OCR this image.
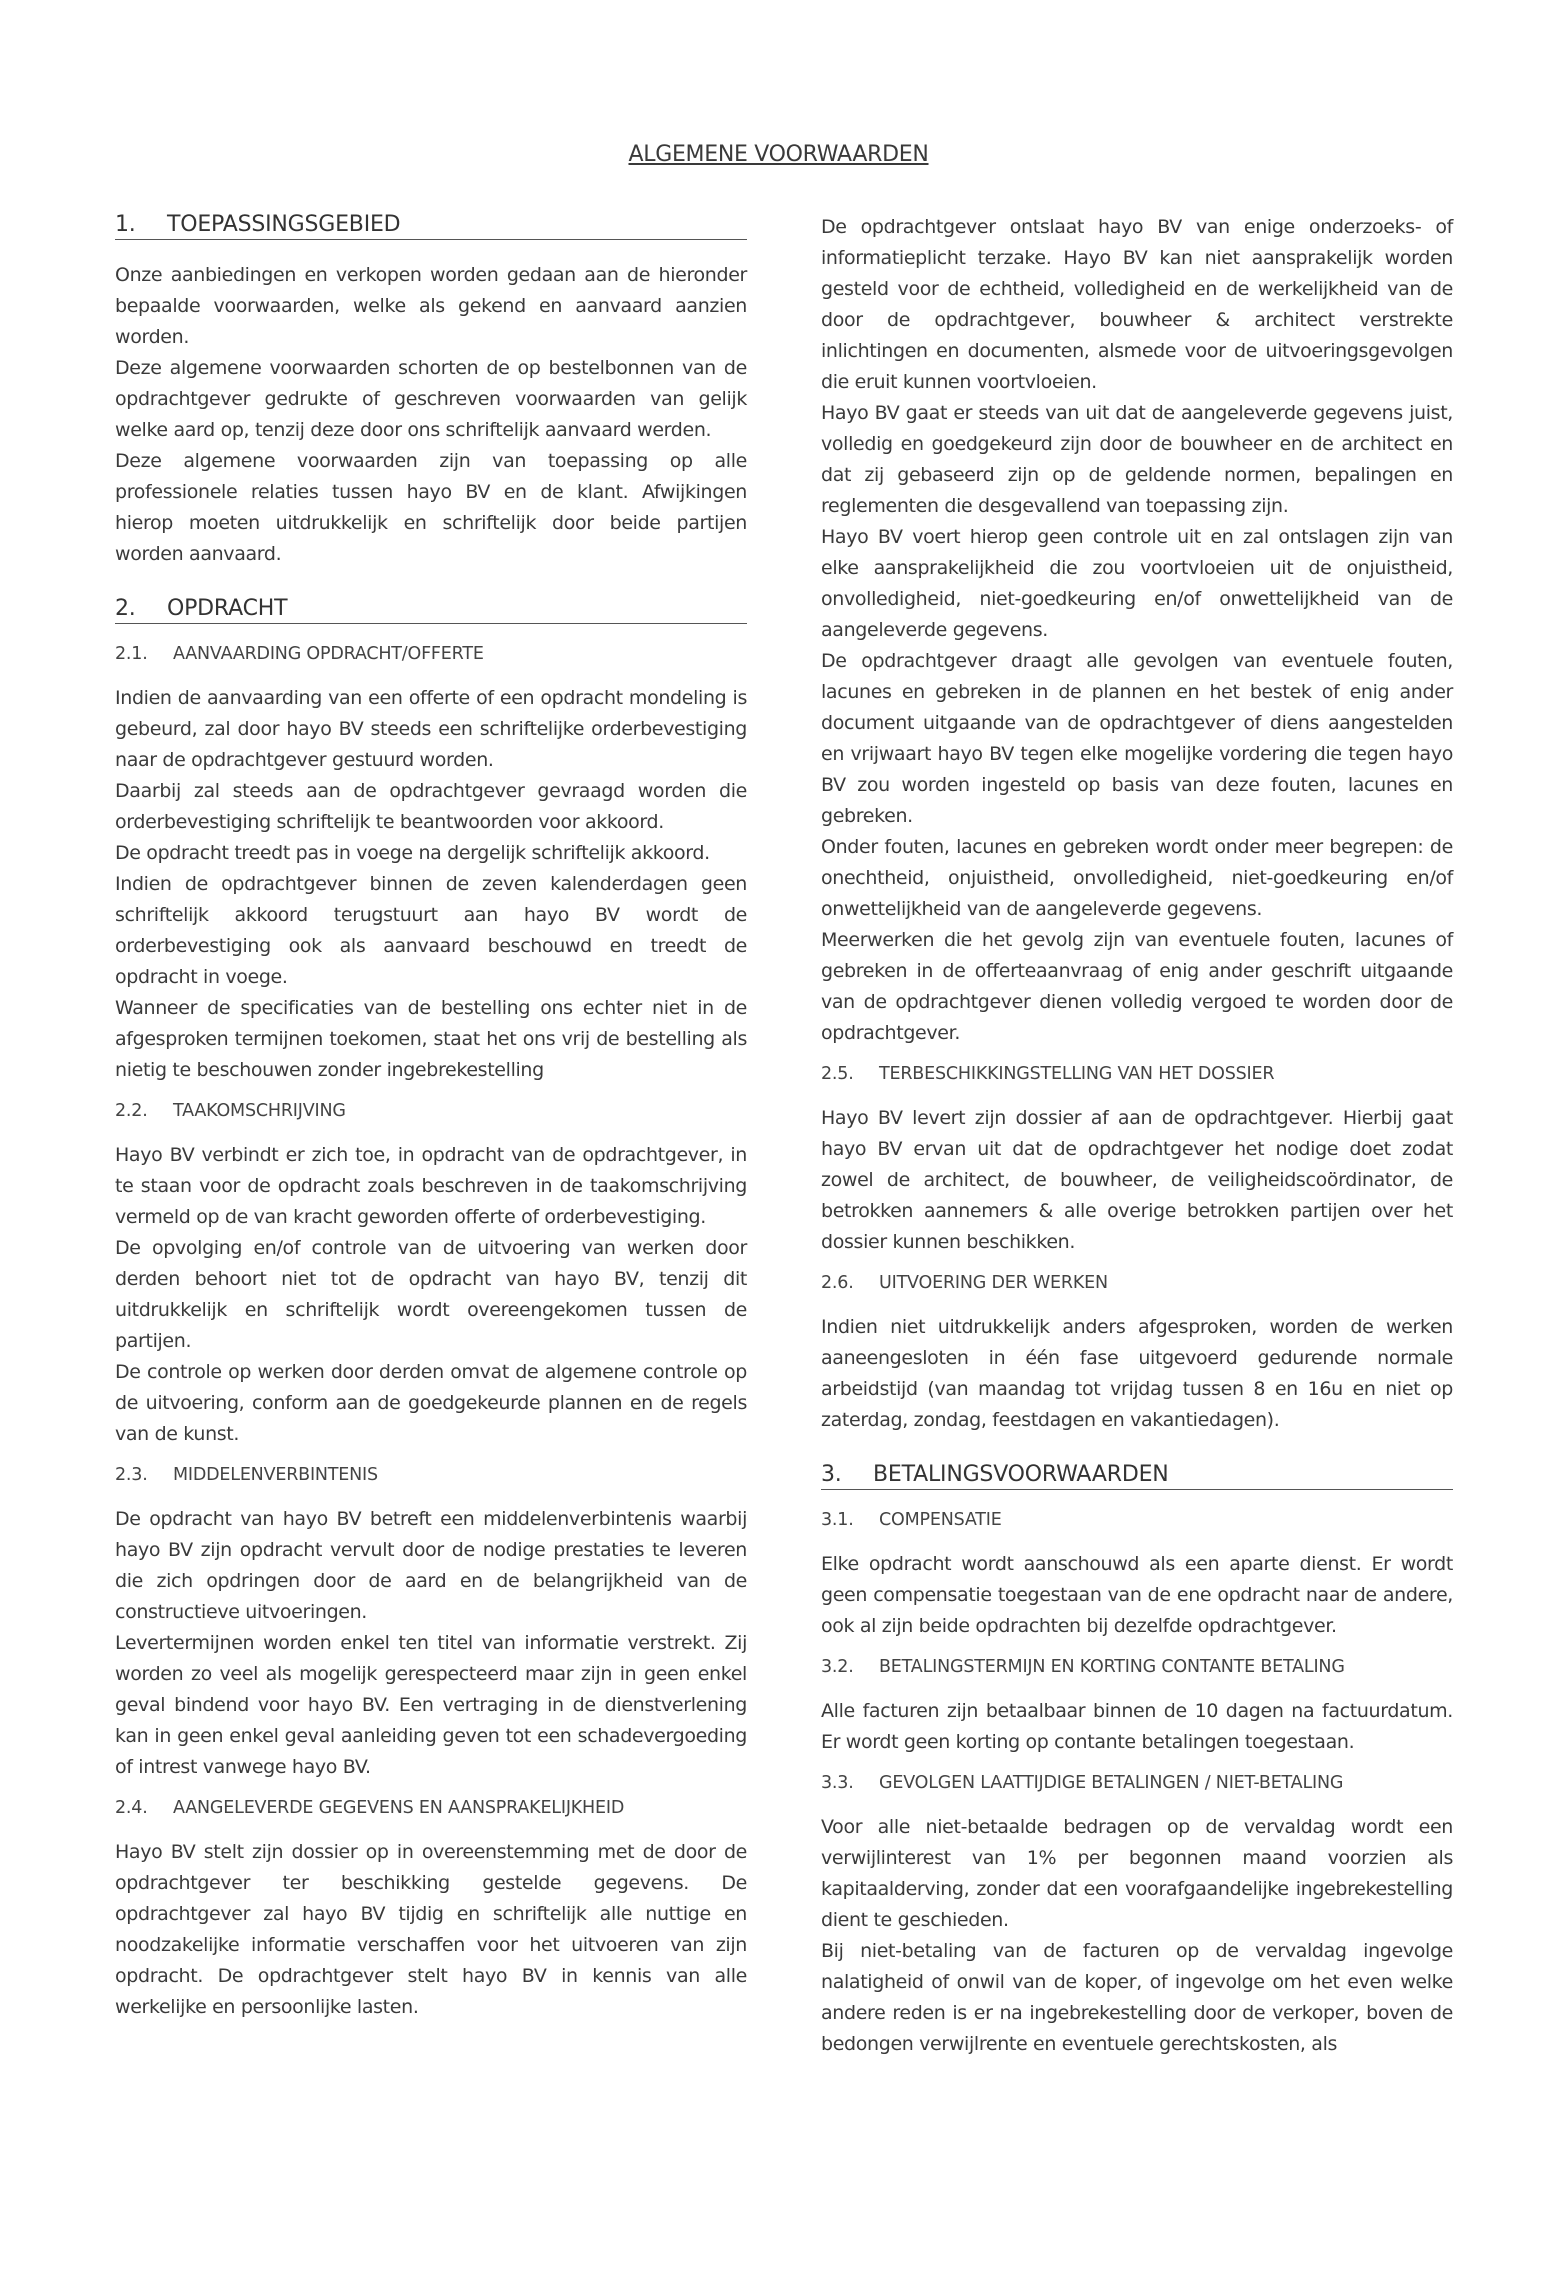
ALGEMENE VOORWAARDEN
1.	TOEPASSINGSGEBIED

Onze aanbiedingen en verkopen worden gedaan aan de hieronder bepaalde voorwaarden, welke als gekend en aanvaard aanzien worden.

Deze algemene voorwaarden schorten de op bestelbonnen van de opdrachtgever gedrukte of geschreven voorwaarden van gelijk welke aard op, tenzij deze door ons schriftelijk aanvaard werden.

Deze algemene voorwaarden zijn van toepassing op alle professionele relaties tussen hayo BV en de klant. Afwijkingen hierop moeten uitdrukkelijk en schriftelijk door beide partijen worden aanvaard.

2.	OPDRACHT
2.1.	AANVAARDING OPDRACHT/OFFERTE

Indien de aanvaarding van een offerte of een opdracht mondeling is gebeurd, zal door hayo BV steeds een schriftelijke orderbevestiging naar de opdrachtgever gestuurd worden.

Daarbij zal steeds aan de opdrachtgever gevraagd worden die orderbevestiging schriftelijk te beantwoorden voor akkoord.

De opdracht treedt pas in voege na dergelijk schriftelijk akkoord.

Indien de opdrachtgever binnen de zeven kalenderdagen geen schriftelijk akkoord terugstuurt aan hayo BV wordt de orderbevestiging ook als aanvaard beschouwd en treedt de opdracht in voege.

Wanneer de specificaties van de bestelling ons echter niet in de afgesproken termijnen toekomen, staat het ons vrij de bestelling als nietig te beschouwen zonder ingebrekestelling

2.2.	TAAKOMSCHRIJVING

Hayo BV verbindt er zich toe, in opdracht van de opdrachtgever, in te staan voor de opdracht zoals beschreven in de taakomschrijving vermeld op de van kracht geworden offerte of orderbevestiging.

De opvolging en/of controle van de uitvoering van werken door derden behoort niet tot de opdracht van hayo BV, tenzij dit uitdrukkelijk en schriftelijk wordt overeengekomen tussen de partijen.

De controle op werken door derden omvat de algemene controle op de uitvoering, conform aan de goedgekeurde plannen en de regels van de kunst.

2.3.	MIDDELENVERBINTENIS

De opdracht van hayo BV betreft een middelenverbintenis waarbij hayo BV zijn opdracht vervult door de nodige prestaties te leveren die zich opdringen door de aard en de belangrijkheid van de constructieve uitvoeringen.

Levertermijnen worden enkel ten titel van informatie verstrekt. Zij worden zo veel als mogelijk gerespecteerd maar zijn in geen enkel geval bindend voor hayo BV. Een vertraging in de dienstverlening kan in geen enkel geval aanleiding geven tot een schadevergoeding of intrest vanwege hayo BV.

2.4.	AANGELEVERDE GEGEVENS EN AANSPRAKELIJKHEID

Hayo BV stelt zijn dossier op in overeenstemming met de door de opdrachtgever ter beschikking gestelde gegevens. De opdrachtgever zal hayo BV tijdig en schriftelijk alle nuttige en noodzakelijke informatie verschaffen voor het uitvoeren van zijn opdracht. De opdrachtgever stelt hayo BV in kennis van alle werkelijke en persoonlijke lasten.

De opdrachtgever ontslaat hayo BV van enige onderzoeks- of informatieplicht terzake. Hayo BV kan niet aansprakelijk worden gesteld voor de echtheid, volledigheid en de werkelijkheid van de door de opdrachtgever, bouwheer & architect verstrekte inlichtingen en documenten, alsmede voor de uitvoeringsgevolgen die eruit kunnen voortvloeien.

Hayo BV gaat er steeds van uit dat de aangeleverde gegevens juist, volledig en goedgekeurd zijn door de bouwheer en de architect en dat zij gebaseerd zijn op de geldende normen, bepalingen en reglementen die desgevallend van toepassing zijn.

Hayo BV voert hierop geen controle uit en zal ontslagen zijn van elke aansprakelijkheid die zou voortvloeien uit de onjuistheid, onvolledigheid, niet-goedkeuring en/of onwettelijkheid van de aangeleverde gegevens.

De opdrachtgever draagt alle gevolgen van eventuele fouten, lacunes en gebreken in de plannen en het bestek of enig ander document uitgaande van de opdrachtgever of diens aangestelden en vrijwaart hayo BV tegen elke mogelijke vordering die tegen hayo BV zou worden ingesteld op basis van deze fouten, lacunes en gebreken.

Onder fouten, lacunes en gebreken wordt onder meer begrepen: de onechtheid, onjuistheid, onvolledigheid, niet-goedkeuring en/of onwettelijkheid van de aangeleverde gegevens.

Meerwerken die het gevolg zijn van eventuele fouten, lacunes of gebreken in de offerteaanvraag of enig ander geschrift uitgaande van de opdrachtgever dienen volledig vergoed te worden door de opdrachtgever.

2.5.	TERBESCHIKKINGSTELLING VAN HET DOSSIER

Hayo BV levert zijn dossier af aan de opdrachtgever. Hierbij gaat hayo BV ervan uit dat de opdrachtgever het nodige doet zodat zowel de architect, de bouwheer, de veiligheidscoördinator, de betrokken aannemers & alle overige betrokken partijen over het dossier kunnen beschikken.

2.6.	UITVOERING DER WERKEN

Indien niet uitdrukkelijk anders afgesproken, worden de werken aaneengesloten in één fase uitgevoerd gedurende normale arbeidstijd (van maandag tot vrijdag tussen 8 en 16u en niet op zaterdag, zondag, feestdagen en vakantiedagen).

3.	BETALINGSVOORWAARDEN
3.1.	COMPENSATIE

Elke opdracht wordt aanschouwd als een aparte dienst. Er wordt geen compensatie toegestaan van de ene opdracht naar de andere, ook al zijn beide opdrachten bij dezelfde opdrachtgever.

3.2.	BETALINGSTERMIJN EN KORTING CONTANTE BETALING

Alle facturen zijn betaalbaar binnen de 10 dagen na factuurdatum. Er wordt geen korting op contante betalingen toegestaan.

3.3.	GEVOLGEN LAATTIJDIGE BETALINGEN / NIET-BETALING

Voor alle niet-betaalde bedragen op de vervaldag wordt een verwijlinterest van 1% per begonnen maand voorzien als kapitaalderving, zonder dat een voorafgaandelijke ingebrekestelling dient te geschieden.

Bij niet-betaling van de facturen op de vervaldag ingevolge nalatigheid of onwil van de koper, of ingevolge om het even welke andere reden is er na ingebrekestelling door de verkoper, boven de bedongen verwijlrente en eventuele gerechtskosten, als
